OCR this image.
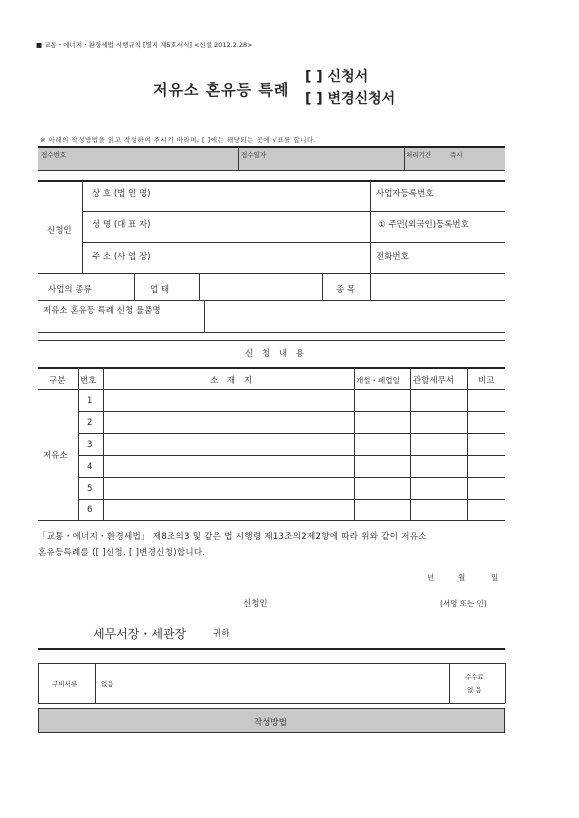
■ 교통・에너지・환경세법 시행규칙 [별지 제5호서식] <신설 2012.2.28>
저유소 혼유등 특례
[ ] 신청서
[ ] 변경신청서
※ 아래의 작성방법을 읽고 작성하여 주시기 바라며, [ ]에는 해당되는 곳에 √표를 합니다.
접수번호	접수일자	처리기간	즉시
신청인
상 호 (법 인 명)	사업자등록번호
성 명 (대 표 자)	① 주민(외국인)등록번호
주 소 (사 업 장)	전화번호
사업의 종류	업 태	종 목
저유소 혼유등 특례 신청 물품명
신 청 내 용
구분 번호	소 재 지	개설・폐업일 관할세무서	비고
저유소
1
2
3
4
5
6
「교통・에너지・환경세법」 제8조의3 및 같은 법 시행령 제13조의2제2항에 따라 위와 같이 저유소
혼유등특례를 ([ ]신청, [ ]변경신청)합니다.
년	월	일
신청인	(서명 또는 인)
세무서장・세관장	귀하
구비서류	없음
수수료
없 음
작성방법
